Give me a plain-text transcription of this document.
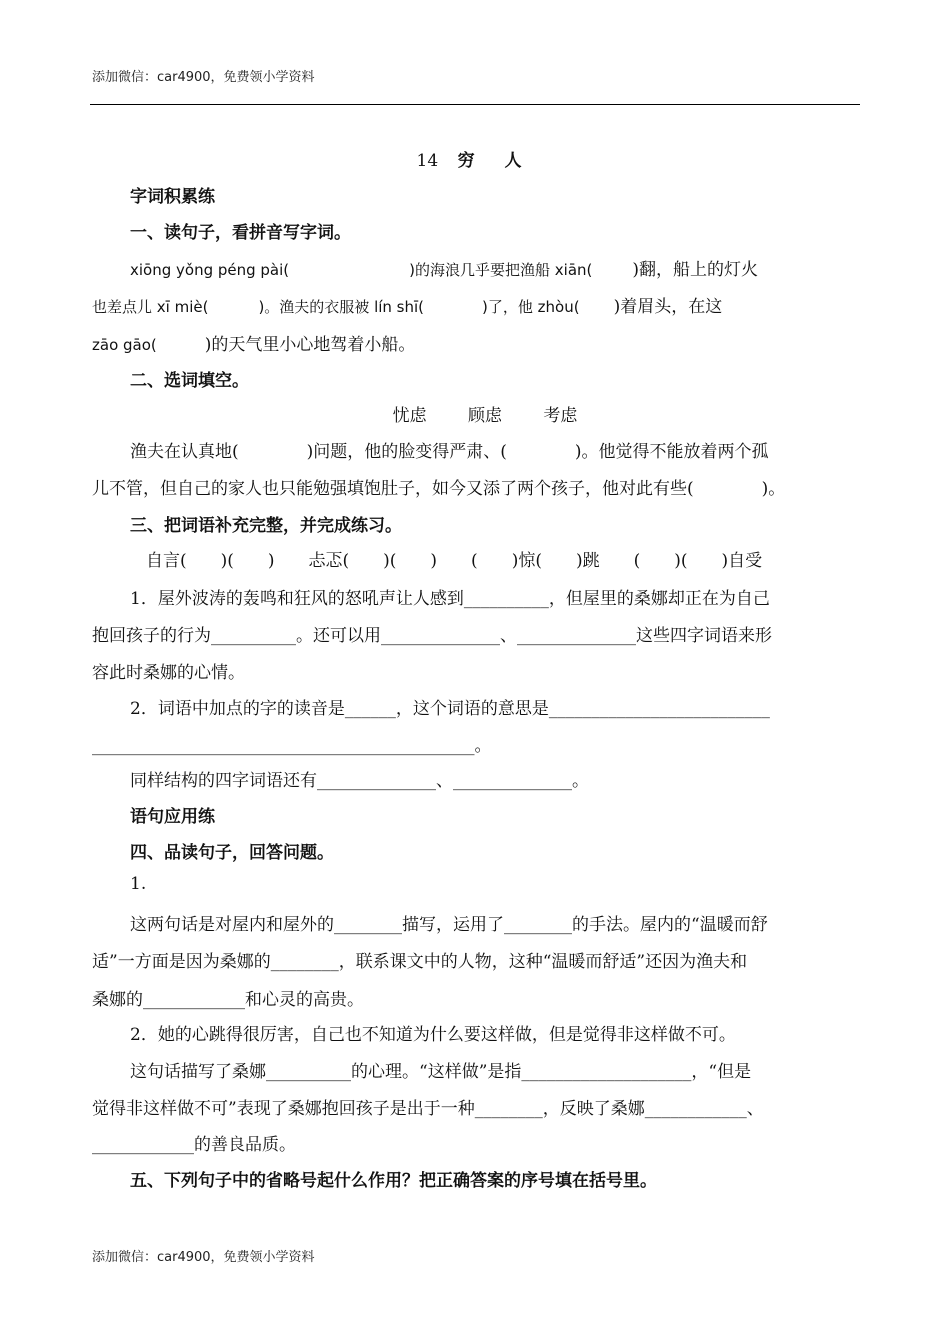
添加微信：car4900，免费领小学资料
14 穷 人
字词积累练
一、读句子，看拼音写字词。
xiōng yǒng péng pài(	)的海浪几乎要把渔船 xiān( )翻，船上的灯火
也差点儿 xī miè(	)。渔夫的衣服被 lín shī(	)了，他 zhòu( )着眉头，在这
zāo gāo(	)的天气里小心地驾着小船。
二、选词填空。
忧虑 顾虑 考虑
渔夫在认真地(　　　　)问题，他的脸变得严肃、(　　　　)。他觉得不能放着两个孤
儿不管，但自己的家人也只能勉强填饱肚子，如今又添了两个孩子，他对此有些(　　　　)。
三、把词语补充完整，并完成练习。
自言(　　)(　　)　　忐忑(　　)(　　)　　(　　)惊(　　)跳　　(　　)(　　)自受
1．屋外波涛的轰鸣和狂风的怒吼声让人感到__________，但屋里的桑娜却正在为自己
抱回孩子的行为__________。还可以用______________、______________这些四字词语来形
容此时桑娜的心情。
2．词语中加点的字的读音是______，这个词语的意思是__________________________
_____________________________________________。
同样结构的四字词语还有______________、______________。
语句应用练
四、品读句子，回答问题。
1.
这两句话是对屋内和屋外的________描写，运用了________的手法。屋内的“温暖而舒
适”一方面是因为桑娜的________，联系课文中的人物，这种“温暖而舒适”还因为渔夫和
桑娜的____________和心灵的高贵。
2．她的心跳得很厉害，自己也不知道为什么要这样做，但是觉得非这样做不可。
这句话描写了桑娜__________的心理。“这样做”是指____________________，“但是
觉得非这样做不可”表现了桑娜抱回孩子是出于一种________，反映了桑娜____________、
____________的善良品质。
五、下列句子中的省略号起什么作用？把正确答案的序号填在括号里。
添加微信：car4900，免费领小学资料
